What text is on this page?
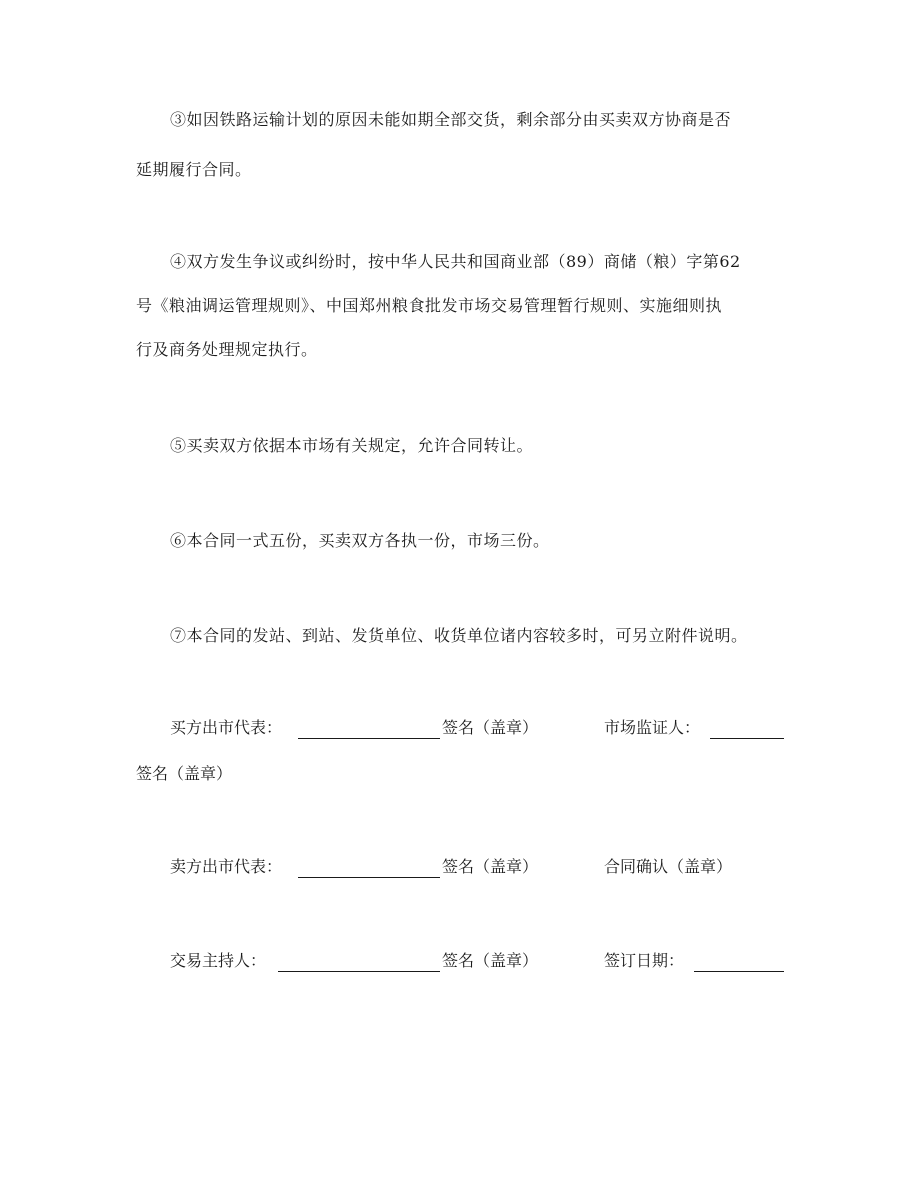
③如因铁路运输计划的原因未能如期全部交货，剩余部分由买卖双方协商是否
延期履行合同。
④双方发生争议或纠纷时，按中华人民共和国商业部（89）商储（粮）字第62
号《粮油调运管理规则》、中国郑州粮食批发市场交易管理暂行规则、实施细则执
行及商务处理规定执行。
⑤买卖双方依据本市场有关规定，允许合同转让。
⑥本合同一式五份，买卖双方各执一份，市场三份。
⑦本合同的发站、到站、发货单位、收货单位诸内容较多时，可另立附件说明。
买方出市代表：	签名（盖章）	市场监证人：
签名（盖章）
卖方出市代表：	签名（盖章）	合同确认（盖章）
交易主持人：	签名（盖章）	签订日期：
